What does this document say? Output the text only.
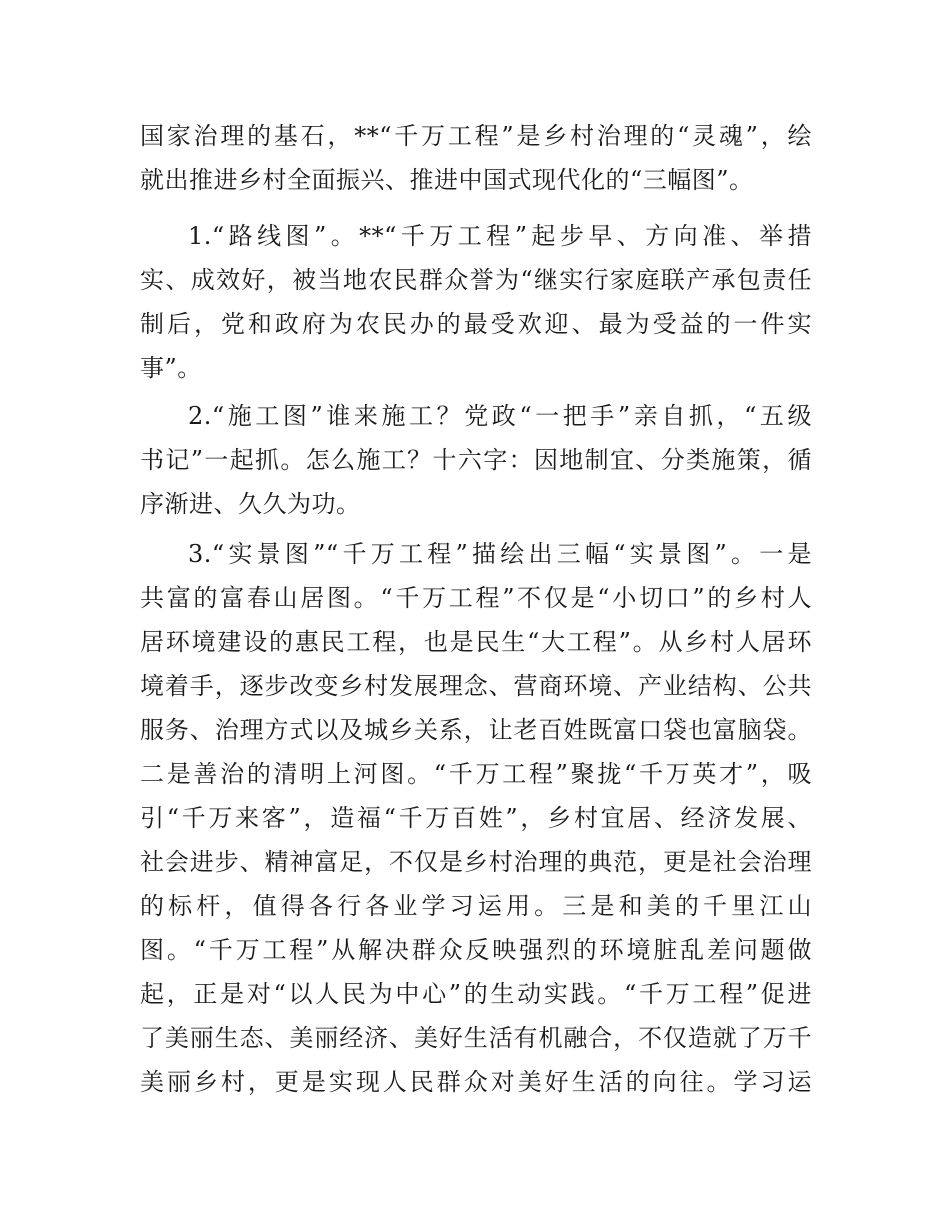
国家治理的基石，**“千万工程”是乡村治理的“灵魂”，绘
就出推进乡村全面振兴、推进中国式现代化的“三幅图”。
1.“路线图”。**“千万工程”起步早、方向准、举措
实、成效好，被当地农民群众誉为“继实行家庭联产承包责任
制后，党和政府为农民办的最受欢迎、最为受益的一件实
事”。
2.“施工图”谁来施工？党政“一把手”亲自抓，“五级
书记”一起抓。怎么施工？十六字：因地制宜、分类施策，循
序渐进、久久为功。
3.“实景图”“千万工程”描绘出三幅“实景图”。一是
共富的富春山居图。“千万工程”不仅是“小切口”的乡村人
居环境建设的惠民工程，也是民生“大工程”。从乡村人居环
境着手，逐步改变乡村发展理念、营商环境、产业结构、公共
服务、治理方式以及城乡关系，让老百姓既富口袋也富脑袋。
二是善治的清明上河图。“千万工程”聚拢“千万英才”，吸
引“千万来客”，造福“千万百姓”，乡村宜居、经济发展、
社会进步、精神富足，不仅是乡村治理的典范，更是社会治理
的标杆，值得各行各业学习运用。三是和美的千里江山
图。“千万工程”从解决群众反映强烈的环境脏乱差问题做
起，正是对“以人民为中心”的生动实践。“千万工程”促进
了美丽生态、美丽经济、美好生活有机融合，不仅造就了万千
美丽乡村，更是实现人民群众对美好生活的向往。学习运
